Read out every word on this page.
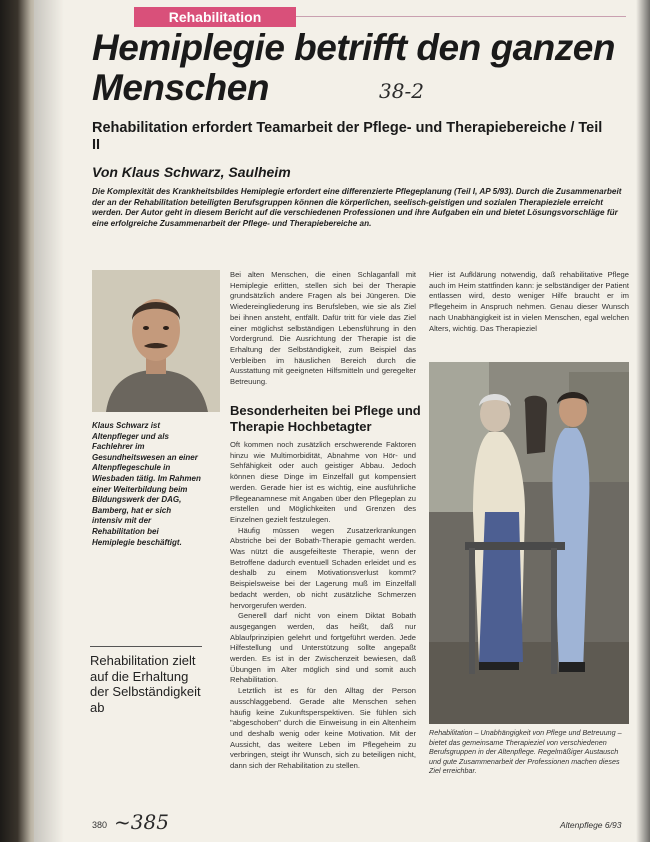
Rehabilitation
Hemiplegie betrifft den ganzen Menschen	38-2
Rehabilitation erfordert Teamarbeit der Pflege- und Therapiebereiche / Teil II
Von Klaus Schwarz, Saulheim

Die Komplexität des Krankheitsbildes Hemiplegie erfordert eine differenzierte Pflegeplanung (Teil I, AP 5/93). Durch die Zusammenarbeit der an der Rehabilitation beteiligten Berufsgruppen können die körperlichen, seelisch-geistigen und sozialen Therapieziele erreicht werden. Der Autor geht in diesem Bericht auf die verschiedenen Professionen und ihre Aufgaben ein und bietet Lösungsvorschläge für eine erfolgreiche Zusammenarbeit der Pflege- und Therapiebereiche an.

Klaus Schwarz ist Altenpfleger und als Fachlehrer im Gesundheitswesen an einer Altenpflegeschule in Wiesbaden tätig. Im Rahmen einer Weiterbildung beim Bildungswerk der DAG, Bamberg, hat er sich intensiv mit der Rehabilitation bei Hemiplegie beschäftigt.

Rehabilitation zielt auf die Erhaltung der Selbständigkeit ab

Bei alten Menschen, die einen Schlaganfall mit Hemiplegie erlitten, stellen sich bei der Therapie grundsätzlich andere Fragen als bei Jüngeren. Die Wiedereingliederung ins Berufsleben, wie sie als Ziel bei ihnen ansteht, entfällt. Dafür tritt für viele das Ziel einer möglichst selbständigen Lebensführung in den Vordergrund. Die Ausrichtung der Therapie ist die Erhaltung der Selbständigkeit, zum Beispiel das Verbleiben im häuslichen Bereich durch die Ausstattung mit geeigneten Hilfsmitteln und geregelter Betreuung.

Besonderheiten bei Pflege und Therapie Hochbetagter

Oft kommen noch zusätzlich erschwerende Faktoren hinzu wie Multimorbidität, Abnahme von Hör- und Sehfähigkeit oder auch geistiger Abbau. Jedoch können diese Dinge im Einzelfall gut kompensiert werden. Gerade hier ist es wichtig, eine ausführliche Pflegeanamnese mit Angaben über den Pflegeplan zu erstellen und Möglichkeiten und Grenzen des Einzelnen gezielt festzulegen.

Häufig müssen wegen Zusatzerkrankungen Abstriche bei der Bobath-Therapie gemacht werden. Was nützt die ausgefeilteste Therapie, wenn der Betroffene dadurch eventuell Schaden erleidet und es deshalb zu einem Motivationsverlust kommt? Beispielsweise bei der Lagerung muß im Einzelfall bedacht werden, ob nicht zusätzliche Schmerzen hervorgerufen werden.

Generell darf nicht von einem Diktat Bobath ausgegangen werden, das heißt, daß nur Ablaufprinzipien gelehrt und fortgeführt werden. Jede Hilfestellung und Unterstützung sollte angepaßt werden. Es ist in der Zwischenzeit bewiesen, daß Übungen im Alter möglich sind und somit auch Rehabilitation.

Letztlich ist es für den Alltag der Person ausschlaggebend. Gerade alte Menschen sehen häufig keine Zukunftsperspektiven. Sie fühlen sich "abgeschoben" durch die Einweisung in ein Altenheim und deshalb wenig oder keine Motivation. Mit der Aussicht, das weitere Leben im Pflegeheim zu verbringen, steigt ihr Wunsch, sich zu beteiligen nicht, dann sich der Rehabilitation zu stellen.

Hier ist Aufklärung notwendig, daß rehabilitative Pflege auch im Heim stattfinden kann: je selbständiger der Patient entlassen wird, desto weniger Hilfe braucht er im Pflegeheim in Anspruch nehmen. Genau dieser Wunsch nach Unabhängigkeit ist in vielen Menschen, egal welchen Alters, wichtig. Das Therapieziel

Rehabilitation – Unabhängigkeit von Pflege und Betreuung – bietet das gemeinsame Therapieziel von verschiedenen Berufsgruppen in der Altenpflege. Regelmäßiger Austausch und gute Zusammenarbeit der Professionen machen dieses Ziel erreichbar.

380 ~385	Altenpflege 6/93
